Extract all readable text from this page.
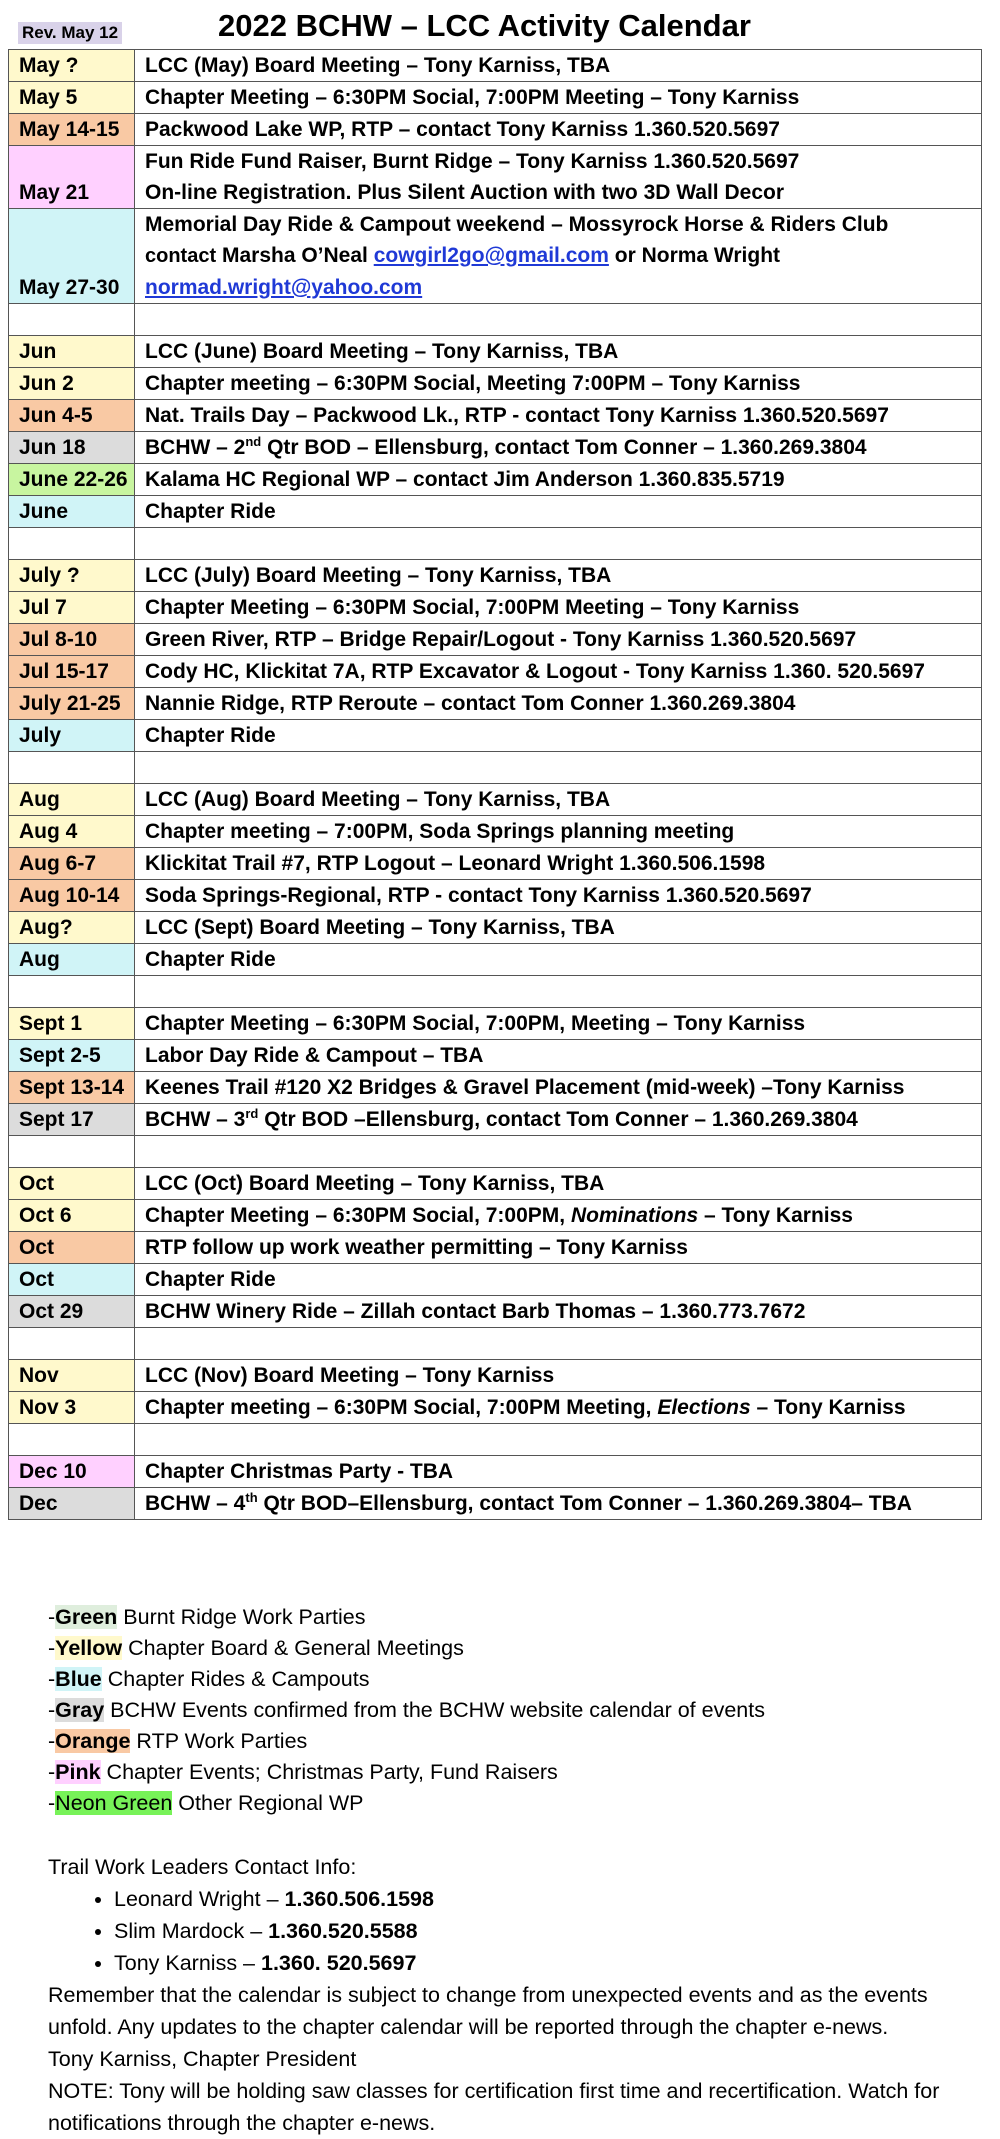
Rev. May 12	2022 BCHW – LCC Activity Calendar
May ?	LCC (May) Board Meeting – Tony Karniss, TBA
May 5	Chapter Meeting – 6:30PM Social, 7:00PM Meeting – Tony Karniss
May 14-15	Packwood Lake WP, RTP – contact Tony Karniss 1.360.520.5697
May 21	Fun Ride Fund Raiser, Burnt Ridge – Tony Karniss 1.360.520.5697
On-line Registration. Plus Silent Auction with two 3D Wall Decor

May 27-30	Memorial Day Ride & Campout weekend – Mossyrock Horse & Riders Club
contact Marsha O’Neal cowgirl2go@gmail.com or Norma Wright
normad.wright@yahoo.com

Jun	LCC (June) Board Meeting – Tony Karniss, TBA
Jun 2	Chapter meeting – 6:30PM Social, Meeting 7:00PM – Tony Karniss
Jun 4-5	Nat. Trails Day – Packwood Lk., RTP - contact Tony Karniss 1.360.520.5697
Jun 18	BCHW – 2nd Qtr BOD – Ellensburg, contact Tom Conner – 1.360.269.3804
June 22-26	Kalama HC Regional WP – contact Jim Anderson 1.360.835.5719
June	Chapter Ride

July ?	LCC (July) Board Meeting – Tony Karniss, TBA
Jul 7	Chapter Meeting – 6:30PM Social, 7:00PM Meeting – Tony Karniss
Jul 8-10	Green River, RTP – Bridge Repair/Logout - Tony Karniss 1.360.520.5697
Jul 15-17	Cody HC, Klickitat 7A, RTP Excavator & Logout - Tony Karniss 1.360. 520.5697
July 21-25	Nannie Ridge, RTP Reroute – contact Tom Conner 1.360.269.3804
July	Chapter Ride

Aug	LCC (Aug) Board Meeting – Tony Karniss, TBA
Aug 4	Chapter meeting – 7:00PM, Soda Springs planning meeting
Aug 6-7	Klickitat Trail #7, RTP Logout – Leonard Wright 1.360.506.1598
Aug 10-14	Soda Springs-Regional, RTP - contact Tony Karniss 1.360.520.5697
Aug?	LCC (Sept) Board Meeting – Tony Karniss, TBA
Aug	Chapter Ride

Sept 1	Chapter Meeting – 6:30PM Social, 7:00PM, Meeting – Tony Karniss
Sept 2-5	Labor Day Ride & Campout – TBA
Sept 13-14	Keenes Trail #120 X2 Bridges & Gravel Placement (mid-week) –Tony Karniss
Sept 17	BCHW – 3rd Qtr BOD –Ellensburg, contact Tom Conner – 1.360.269.3804

Oct	LCC (Oct) Board Meeting – Tony Karniss, TBA
Oct 6	Chapter Meeting – 6:30PM Social, 7:00PM, Nominations – Tony Karniss
Oct	RTP follow up work weather permitting – Tony Karniss
Oct	Chapter Ride
Oct 29	BCHW Winery Ride – Zillah contact Barb Thomas – 1.360.773.7672

Nov	LCC (Nov) Board Meeting – Tony Karniss
Nov 3	Chapter meeting – 6:30PM Social, 7:00PM Meeting, Elections – Tony Karniss

Dec 10	Chapter Christmas Party - TBA
Dec	BCHW – 4th Qtr BOD–Ellensburg, contact Tom Conner – 1.360.269.3804– TBA
-Green Burnt Ridge Work Parties
-Yellow Chapter Board & General Meetings
-Blue Chapter Rides & Campouts
-Gray BCHW Events confirmed from the BCHW website calendar of events
-Orange RTP Work Parties
-Pink Chapter Events; Christmas Party, Fund Raisers
-Neon Green Other Regional WP

Trail Work Leaders Contact Info:

• Leonard Wright – 1.360.506.1598
• Slim Mardock – 1.360.520.5588
• Tony Karniss – 1.360. 520.5697

Remember that the calendar is subject to change from unexpected events and as the events unfold. Any updates to the chapter calendar will be reported through the chapter e-news.

Tony Karniss, Chapter President

NOTE: Tony will be holding saw classes for certification first time and recertification. Watch for notifications through the chapter e-news.
